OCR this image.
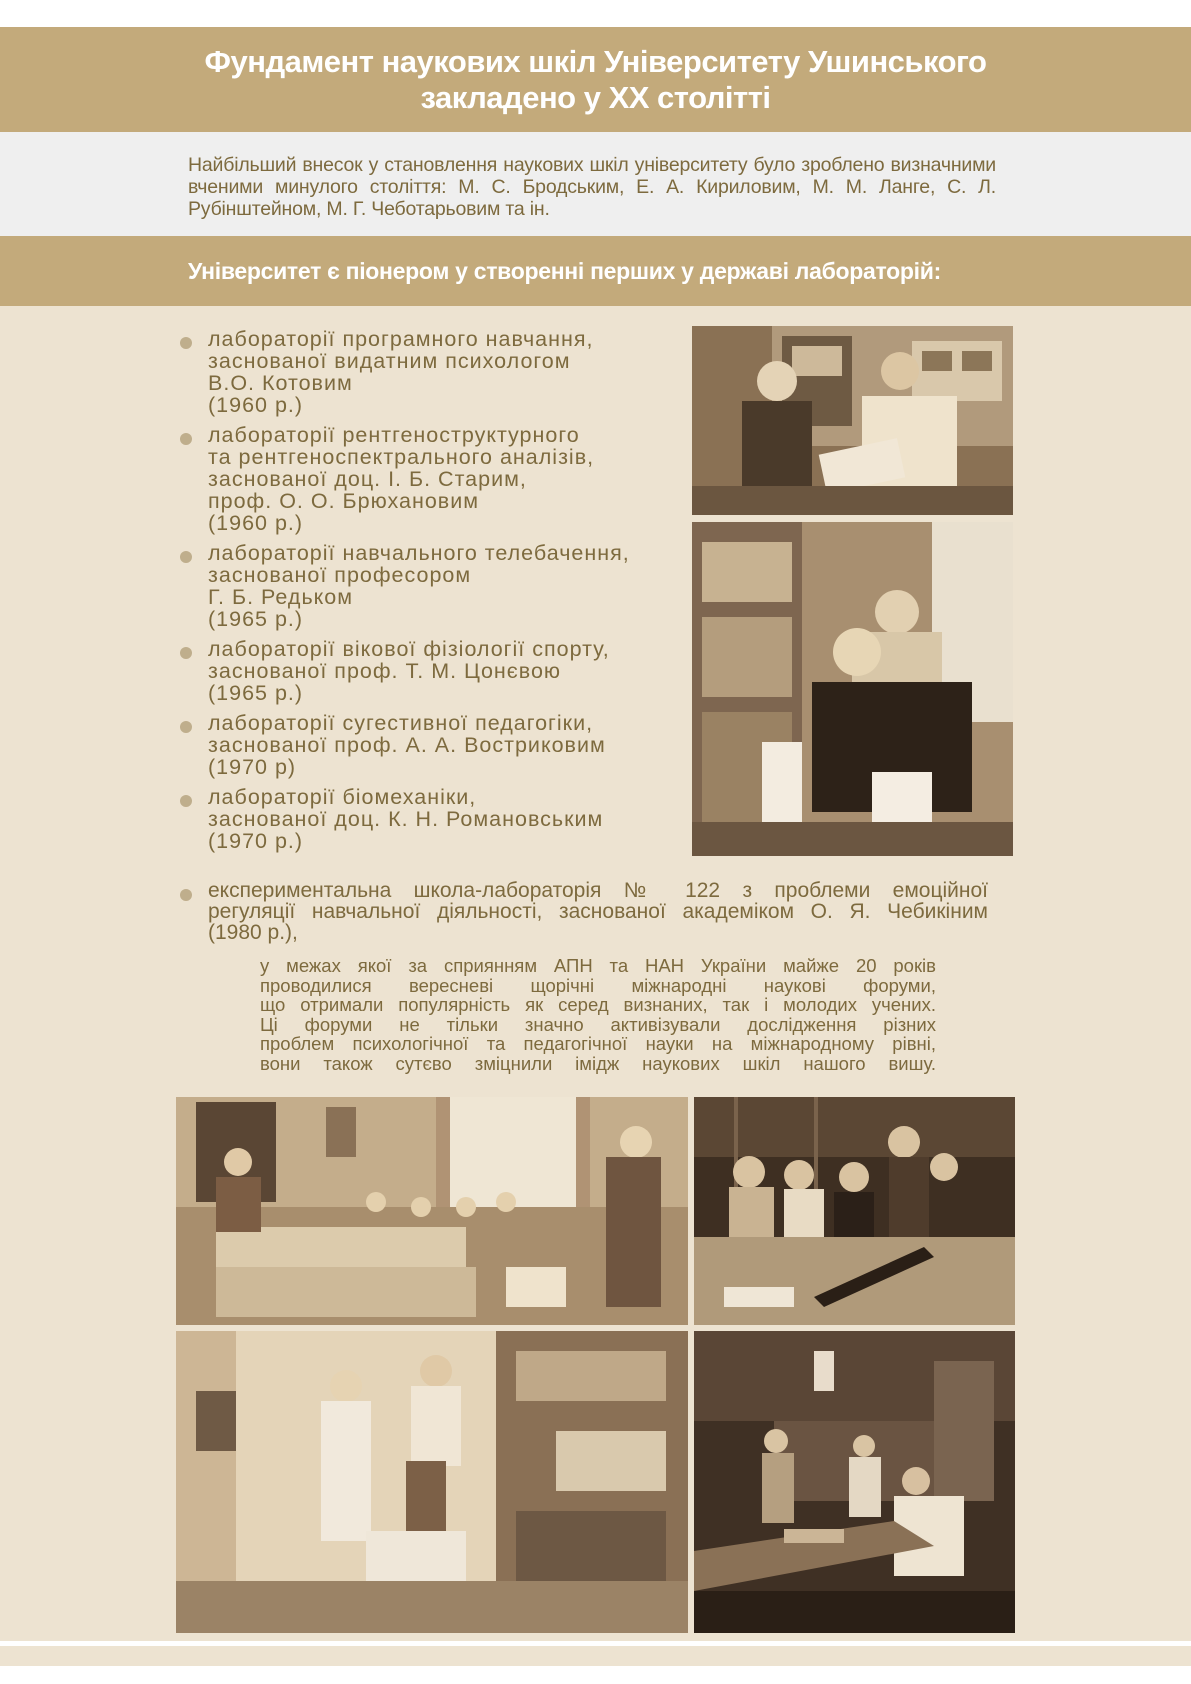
Фундамент наукових шкіл Університету Ушинського
закладено у XX столітті

Найбільший внесок у становлення наукових шкіл університету було зроблено визначними вченими минулого століття: М. С. Бродським, Е. А. Кириловим, М. М. Ланге, С. Л. Рубінштейном, М. Г. Чеботарьовим та ін.

Університет є піонером у створенні перших у державі лабораторій:
лабораторії програмного навчання,
заснованої видатним психологом
В.О. Котовим
(1960 р.)
лабораторії рентгеноструктурного
та рентгеноспектрального аналізів,
заснованої доц. І. Б. Старим,
проф. О. О. Брюхановим
(1960 р.)
лабораторії навчального телебачення,
заснованої професором
Г. Б. Редьком
(1965 р.)
лабораторії вікової фізіології спорту,
заснованої проф. Т. М. Цонєвою
(1965 р.)
лабораторії сугестивної педагогіки,
заснованої проф. А. А. Востриковим
(1970 р)
лабораторії біомеханіки,
заснованої доц. К. Н. Романовським
(1970 р.)
експериментальна школа-лабораторія № 122 з проблеми емоційної
регуляції навчальної діяльності, заснованої академіком О. Я. Чебикіним
(1980 р.),
у межах якої за сприянням АПН та НАН України майже 20 років
проводилися вересневі щорічні міжнародні наукові форуми,
що отримали популярність як серед визнаних, так і молодих учених.
Ці форуми не тільки значно активізували дослідження різних
проблем психологічної та педагогічної науки на міжнародному рівні,
вони також сутєво зміцнили імідж наукових шкіл нашого вишу.
